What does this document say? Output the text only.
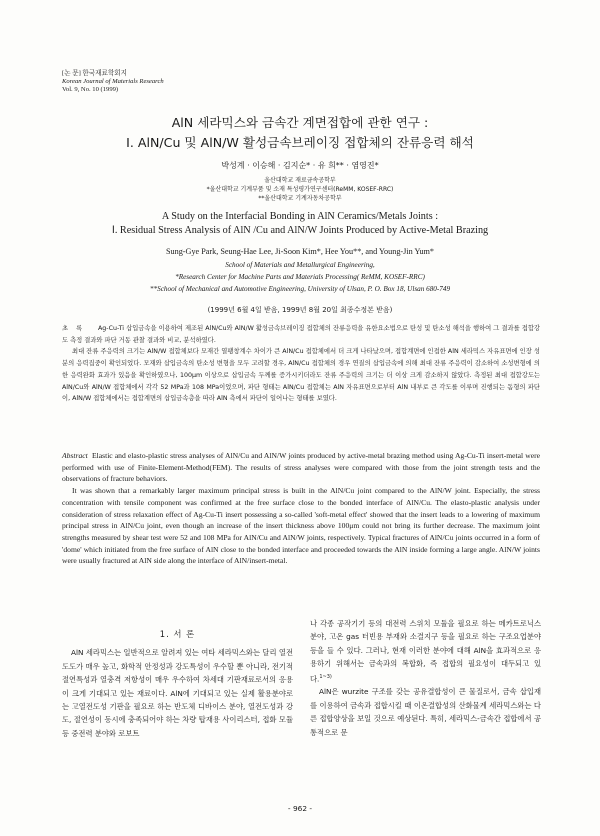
[논 문] 한국재료학회지
Korean Journal of Materials Research
Vol. 9, No. 10 (1999)
AlN 세라믹스와 금속간 계면접합에 관한 연구 :
Ⅰ. AlN/Cu 및 AlN/W 활성금속브레이징 접합체의 잔류응력 해석
박성계 · 이승해 · 김지순* · 유 희** · 염영진*
울산대학교 재료금속공학부
*울산대학교 기계부품 및 소재 특성평가연구센터(ReMM, KOSEF-RRC)
**울산대학교 기계자동차공학부
A Study on the Interfacial Bonding in AlN Ceramics/Metals Joints :
Ⅰ. Residual Stress Analysis of AlN /Cu and AlN/W Joints Produced by Active-Metal Brazing
Sung-Gye Park, Seung-Hae Lee, Ji-Soon Kim*, Hee You**, and Young-Jin Yum*
School of Materials and Metallurgical Engineering,
*Research Center for Machine Parts and Materials Processing( ReMM, KOSEF-RRC)
**School of Mechanical and Automotive Engineering, University of Ulsan, P. O. Box 18, Ulsan 680-749
(1999년 6월 4일 받음, 1999년 8월 20일 최종수정본 받음)

초 록 Ag-Cu-Ti 삽입금속을 이용하여 제조된 AlN/Cu와 AlN/W 활성금속브레이징 접합체의 잔류응력을 유한요소법으로 탄성 및 탄소성 해석을 행하여 그 결과를 접합강도 측정 결과와 파단 거동 관찰 결과와 비교, 분석하였다.

최대 잔류 주응력의 크기는 AlN/W 접합체보다 모재간 열팽창계수 차이가 큰 AlN/Cu 접합체에서 더 크게 나타났으며, 접합계면에 인접한 AlN 세라믹스 자유표면에 인장 성분의 응력집중이 확인되었다. 모재와 삽입금속의 탄소성 변형을 모두 고려할 경우, AlN/Cu 접합체의 경우 연질의 삽입금속에 의해 최대 잔류 주응력이 감소하여 소성변형에 의한 응력완화 효과가 있음을 확인하였으나, 100μm 이상으로 삽입금속 두께를 증가시키더라도 잔류 주응력의 크기는 더 이상 크게 감소하지 않았다. 측정된 최대 접합강도는 AlN/Cu와 AlN/W 접합체에서 각각 52 MPa과 108 MPa이었으며, 파단 형태는 AlN/Cu 접합체는 AlN 자유표면으로부터 AlN 내부로 큰 각도를 이루며 진행되는 돔형의 파단이, AlN/W 접합체에서는 접합계면의 삽입금속층을 따라 AlN 측에서 파단이 일어나는 형태를 보였다.

Abstract Elastic and elasto-plastic stress analyses of AlN/Cu and AlN/W joints produced by active-metal brazing method using Ag-Cu-Ti insert-metal were performed with use of Finite-Element-Method(FEM). The results of stress analyses were compared with those from the joint strength tests and the observations of fracture behaviors.

It was shown that a remarkably larger maximum principal stress is built in the AlN/Cu joint compared to the AlN/W joint. Especially, the stress concentration with tensile component was confirmed at the free surface close to the bonded interface of AlN/Cu. The elasto-plastic analysis under consideration of stress relaxation effect of Ag-Cu-Ti insert possessing a so-called 'soft-metal effect' showed that the insert leads to a lowering of maximum principal stress in AlN/Cu joint, even though an increase of the insert thickness above 100μm could not bring its further decrease. The maximum joint strengths measured by shear test were 52 and 108 MPa for AlN/Cu and AlN/W joints, respectively. Typical fractures of AlN/Cu joints occurred in a form of 'dome' which initiated from the free surface of AlN close to the bonded interface and proceeded towards the AlN inside forming a large angle. AlN/W joints were usually fractured at AlN side along the interface of AlN/insert-metal.

1. 서 론

AlN 세라믹스는 일반적으로 알려져 있는 여타 세라믹스와는 달리 열전도도가 매우 높고, 화학적 안정성과 강도특성이 우수할 뿐 아니라, 전기적 절연특성과 열충격 저항성이 매우 우수하여 차세대 기판재료로서의 응용이 크게 기대되고 있는 재료이다. AlN에 기대되고 있는 실제 활용분야로는 고열전도성 기판을 필요로 하는 반도체 디바이스 분야, 열전도성과 강도, 절연성이 동시에 충족되어야 하는 차량 탑재용 사이리스터, 접화 모듈 등 중전력 분야와 로보트

나 각종 공작기기 등의 대전력 스위치 모듈을 필요로 하는 메카트로닉스 분야, 고온 gas 터빈용 부재와 소결지구 등을 필요로 하는 구조요업분야 등을 들 수 있다. 그러나, 현재 이러한 분야에 대해 AlN을 효과적으로 응용하기 위해서는 금속과의 복합화, 즉 접합의 필요성이 대두되고 있다.$^{1\sim 3)}$

AlN은 wurzite 구조를 갖는 공유결합성이 큰 물질로서, 금속 삽입재를 이용하여 금속과 접합시킬 때 이온결합성의 산화물계 세라믹스와는 다른 접합양상을 보일 것으로 예상된다. 특히, 세라믹스-금속간 접합에서 공통적으로 문

- 962 -
